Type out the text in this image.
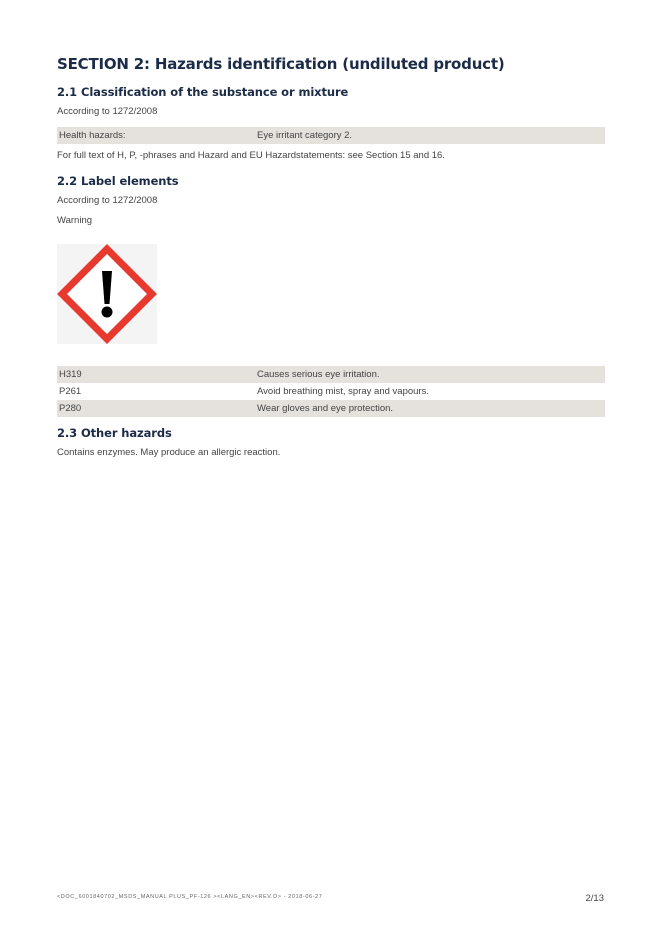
SECTION 2: Hazards identification (undiluted product)
2.1 Classification of the substance or mixture
According to 1272/2008
Health hazards:	Eye irritant category 2.
For full text of H, P, -phrases and Hazard and EU Hazardstatements: see Section 15 and 16.
2.2 Label elements
According to 1272/2008
Warning
H319	Causes serious eye irritation.
P261	Avoid breathing mist, spray and vapours.
P280	Wear gloves and eye protection.
2.3 Other hazards
Contains enzymes. May produce an allergic reaction.
<DOC_6001840702_MSDS_MANUAL PLUS_PF-126 ><LANG_EN><REV.D> - 2018-06-27	2/13
